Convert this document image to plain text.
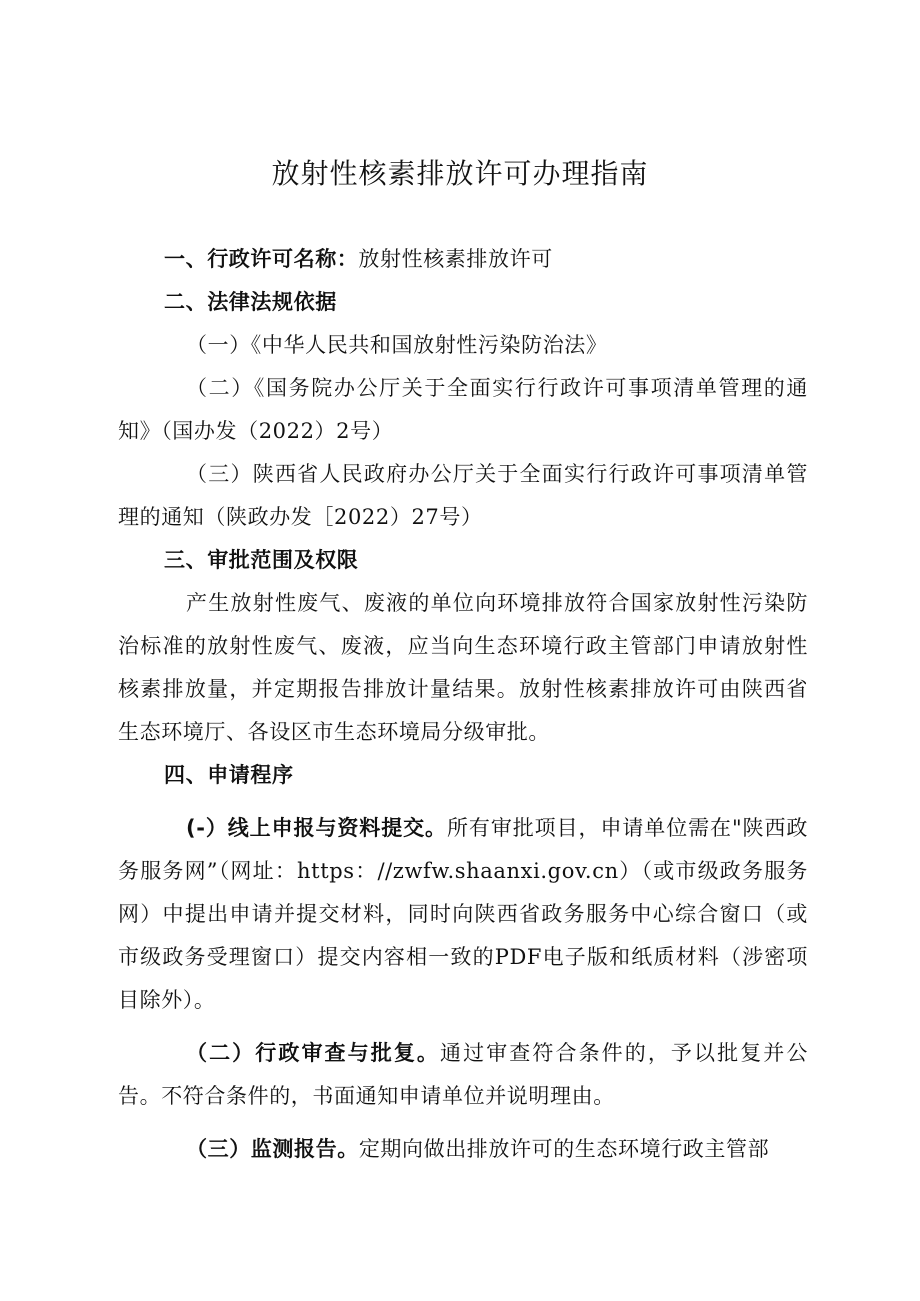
放射性核素排放许可办理指南

一、行政许可名称：放射性核素排放许可

二、法律法规依据

（一）《中华人民共和国放射性污染防治法》

（二）《国务院办公厅关于全面实行行政许可事项清单管理的通知》（国办发（2022）2号）

（三）陕西省人民政府办公厅关于全面实行行政许可事项清单管理的通知（陕政办发［2022）27号）

三、审批范围及权限

产生放射性废气、废液的单位向环境排放符合国家放射性污染防治标准的放射性废气、废液，应当向生态环境行政主管部门申请放射性核素排放量，并定期报告排放计量结果。放射性核素排放许可由陕西省生态环境厅、各设区市生态环境局分级审批。

四、申请程序

(-）线上申报与资料提交。所有审批项目，申请单位需在"陕西政务服务网”（网址：https：//zwfw.shaanxi.gov.cn）（或市级政务服务网）中提出申请并提交材料，同时向陕西省政务服务中心综合窗口（或市级政务受理窗口）提交内容相一致的PDF电子版和纸质材料（涉密项目除外）。

（二）行政审查与批复。通过审查符合条件的，予以批复并公告。不符合条件的，书面通知申请单位并说明理由。

（三）监测报告。定期向做出排放许可的生态环境行政主管部
